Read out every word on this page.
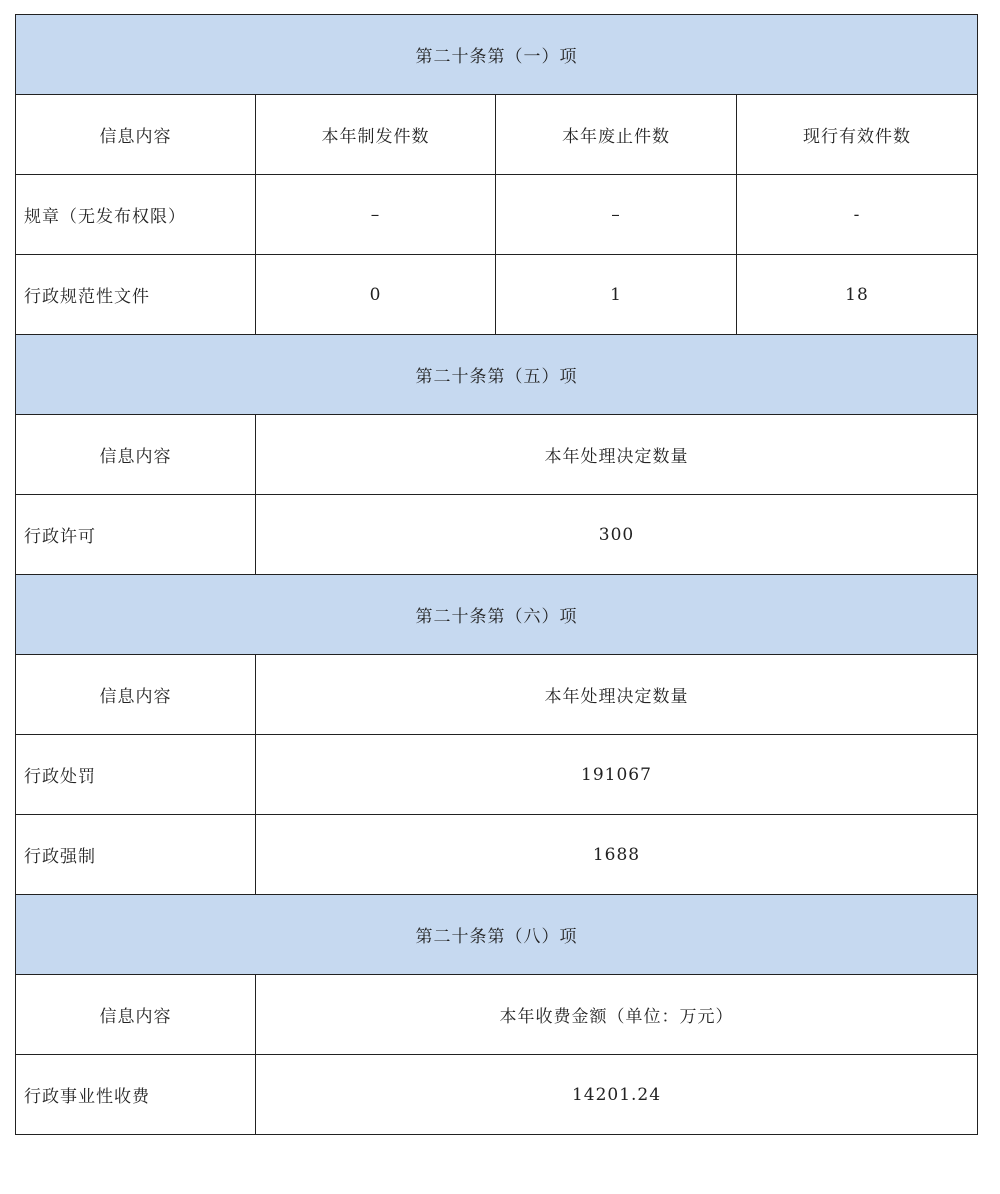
第二十条第（一）项			
信息内容	本年制发件数	本年废止件数	现行有效件数
规章（无发布权限）	–	–	-
行政规范性文件	0	1	18
第二十条第（五）项			
信息内容	本年处理决定数量		
行政许可	300		
第二十条第（六）项			
信息内容	本年处理决定数量		
行政处罚	191067		
行政强制	1688		
第二十条第（八）项			
信息内容	本年收费金额（单位：万元）		
行政事业性收费	14201.24		
